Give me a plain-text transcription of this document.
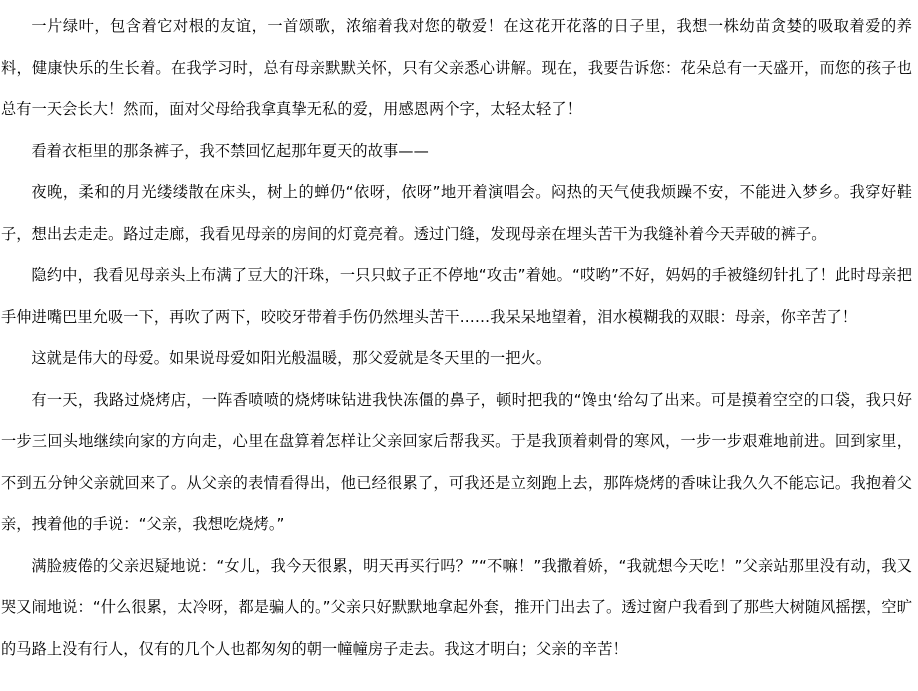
一片绿叶，包含着它对根的友谊，一首颂歌，浓缩着我对您的敬爱！在这花开花落的日子里，我想一株幼苗贪婪的吸取着爱的养料，健康快乐的生长着。在我学习时，总有母亲默默关怀，只有父亲悉心讲解。现在，我要告诉您：花朵总有一天盛开，而您的孩子也总有一天会长大！然而，面对父母给我拿真挚无私的爱，用感恩两个字，太轻太轻了！

看着衣柜里的那条裤子，我不禁回忆起那年夏天的故事——

夜晚，柔和的月光缕缕散在床头，树上的蝉仍“依呀，依呀”地开着演唱会。闷热的天气使我烦躁不安，不能进入梦乡。我穿好鞋子，想出去走走。路过走廊，我看见母亲的房间的灯竟亮着。透过门缝，发现母亲在埋头苦干为我缝补着今天弄破的裤子。

隐约中，我看见母亲头上布满了豆大的汗珠，一只只蚊子正不停地“攻击”着她。“哎哟”不好，妈妈的手被缝纫针扎了！此时母亲把手伸进嘴巴里允吸一下，再吹了两下，咬咬牙带着手伤仍然埋头苦干……我呆呆地望着，泪水模糊我的双眼：母亲，你辛苦了！

这就是伟大的母爱。如果说母爱如阳光般温暖，那父爱就是冬天里的一把火。

有一天，我路过烧烤店，一阵香喷喷的烧烤味钻进我快冻僵的鼻子，顿时把我的“馋虫‘给勾了出来。可是摸着空空的口袋，我只好一步三回头地继续向家的方向走，心里在盘算着怎样让父亲回家后帮我买。于是我顶着刺骨的寒风，一步一步艰难地前进。回到家里，不到五分钟父亲就回来了。从父亲的表情看得出，他已经很累了，可我还是立刻跑上去，那阵烧烤的香味让我久久不能忘记。我抱着父亲，拽着他的手说：“父亲，我想吃烧烤。”

满脸疲倦的父亲迟疑地说：“女儿，我今天很累，明天再买行吗？”“不嘛！”我撒着娇，“我就想今天吃！”父亲站那里没有动，我又哭又闹地说：“什么很累，太冷呀，都是骗人的。”父亲只好默默地拿起外套，推开门出去了。透过窗户我看到了那些大树随风摇摆，空旷的马路上没有行人，仅有的几个人也都匆匆的朝一幢幢房子走去。我这才明白；父亲的辛苦！
